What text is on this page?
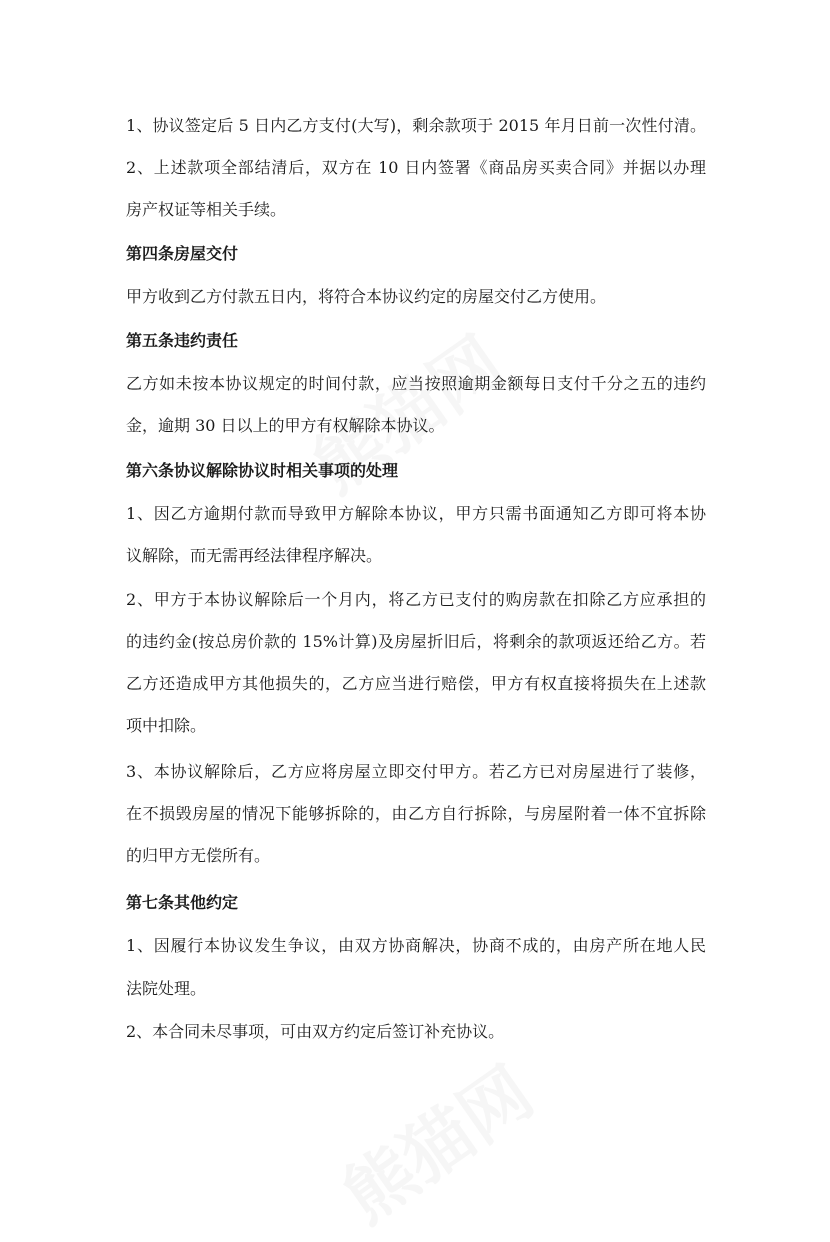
1、协议签定后 5 日内乙方支付(大写)，剩余款项于 2015 年月日前一次性付清。
2、上述款项全部结清后，双方在 10 日内签署《商品房买卖合同》并据以办理
房产权证等相关手续。
第四条房屋交付
甲方收到乙方付款五日内，将符合本协议约定的房屋交付乙方使用。
第五条违约责任
乙方如未按本协议规定的时间付款，应当按照逾期金额每日支付千分之五的违约
金，逾期 30 日以上的甲方有权解除本协议。
第六条协议解除协议时相关事项的处理
1、因乙方逾期付款而导致甲方解除本协议，甲方只需书面通知乙方即可将本协
议解除，而无需再经法律程序解决。
2、甲方于本协议解除后一个月内，将乙方已支付的购房款在扣除乙方应承担的
的违约金(按总房价款的 15%计算)及房屋折旧后，将剩余的款项返还给乙方。若
乙方还造成甲方其他损失的，乙方应当进行赔偿，甲方有权直接将损失在上述款
项中扣除。
3、本协议解除后，乙方应将房屋立即交付甲方。若乙方已对房屋进行了装修，
在不损毁房屋的情况下能够拆除的，由乙方自行拆除，与房屋附着一体不宜拆除
的归甲方无偿所有。
第七条其他约定
1、因履行本协议发生争议，由双方协商解决，协商不成的，由房产所在地人民
法院处理。
2、本合同未尽事项，可由双方约定后签订补充协议。
